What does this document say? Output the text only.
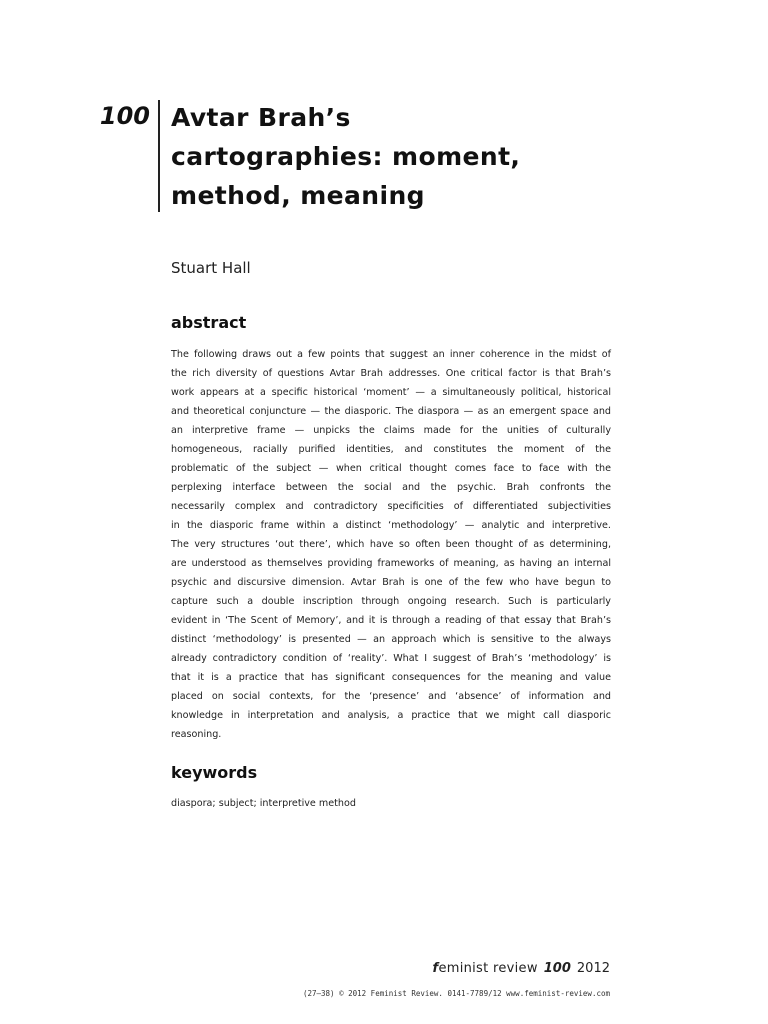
100 Avtar Brah’s
cartographies: moment,
method, meaning
Stuart Hall
abstract
The following draws out a few points that suggest an inner coherence in the midst of
the rich diversity of questions Avtar Brah addresses. One critical factor is that Brah’s
work appears at a specific historical ‘moment’ — a simultaneously political, historical
and theoretical conjuncture — the diasporic. The diaspora — as an emergent space and
an interpretive frame — unpicks the claims made for the unities of culturally
homogeneous, racially purified identities, and constitutes the moment of the
problematic of the subject — when critical thought comes face to face with the
perplexing interface between the social and the psychic. Brah confronts the
necessarily complex and contradictory specificities of differentiated subjectivities
in the diasporic frame within a distinct ‘methodology’ — analytic and interpretive.
The very structures ‘out there’, which have so often been thought of as determining,
are understood as themselves providing frameworks of meaning, as having an internal
psychic and discursive dimension. Avtar Brah is one of the few who have begun to
capture such a double inscription through ongoing research. Such is particularly
evident in ‘The Scent of Memory’, and it is through a reading of that essay that Brah’s
distinct ‘methodology’ is presented — an approach which is sensitive to the always
already contradictory condition of ‘reality’. What I suggest of Brah’s ‘methodology’ is
that it is a practice that has significant consequences for the meaning and value
placed on social contexts, for the ‘presence’ and ‘absence’ of information and
knowledge in interpretation and analysis, a practice that we might call diasporic
reasoning.
keywords
diaspora; subject; interpretive method
feminist review 100 2012
(27–38) © 2012 Feminist Review. 0141-7789/12 www.feminist-review.com
